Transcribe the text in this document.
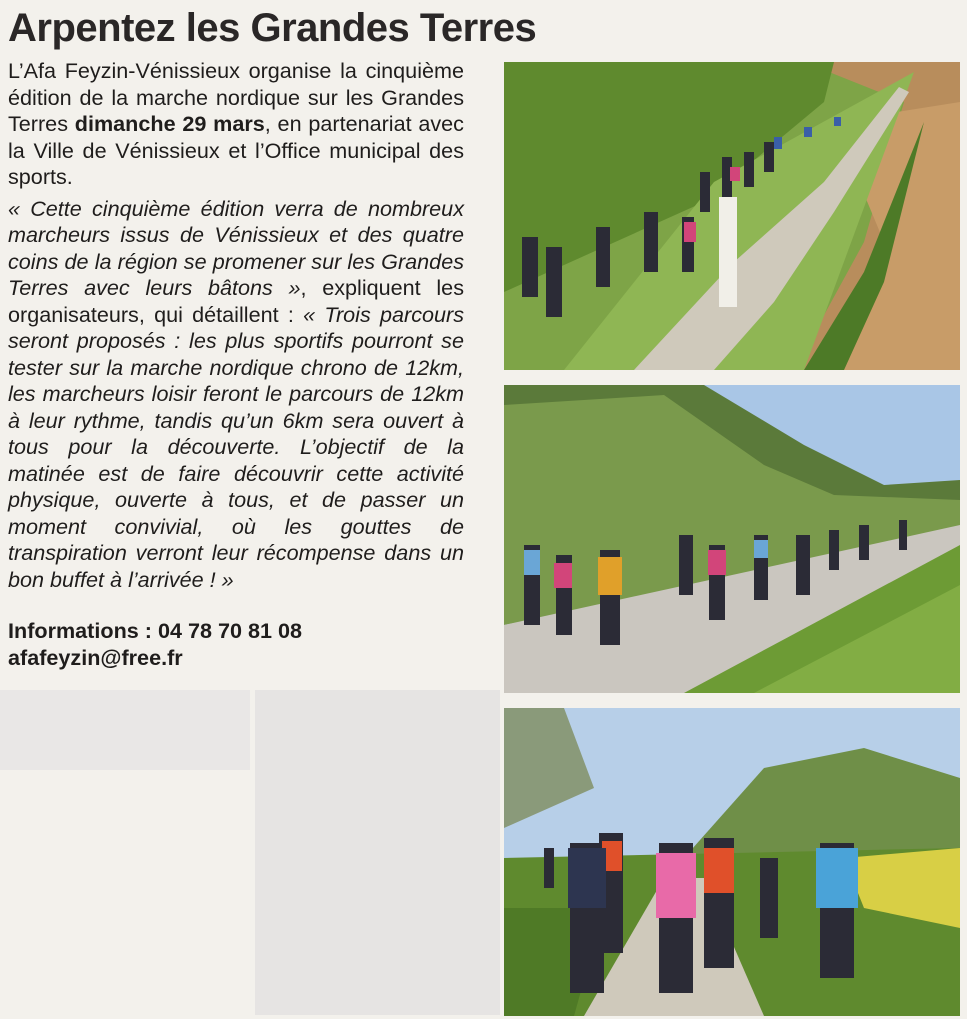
Arpentez les Grandes Terres

L’Afa Feyzin-Vénissieux organise la cinquième édition de la marche nordique sur les Grandes Terres dimanche 29 mars, en partenariat avec la Ville de Vénissieux et l’Office municipal des sports.

« Cette cinquième édition verra de nombreux marcheurs issus de Vénissieux et des quatre coins de la région se promener sur les Grandes Terres avec leurs bâtons », expliquent les organisateurs, qui détaillent : « Trois parcours seront proposés : les plus sportifs pourront se tester sur la marche nordique chrono de 12km, les marcheurs loisir feront le parcours de 12km à leur rythme, tandis qu’un 6km sera ouvert à tous pour la découverte. L’objectif de la matinée est de faire découvrir cette activité physique, ouverte à tous, et de passer un moment convivial, où les gouttes de transpiration verront leur récompense dans un bon buffet à l’arrivée ! »

Informations : 04 78 70 81 08
afafeyzin@free.fr
